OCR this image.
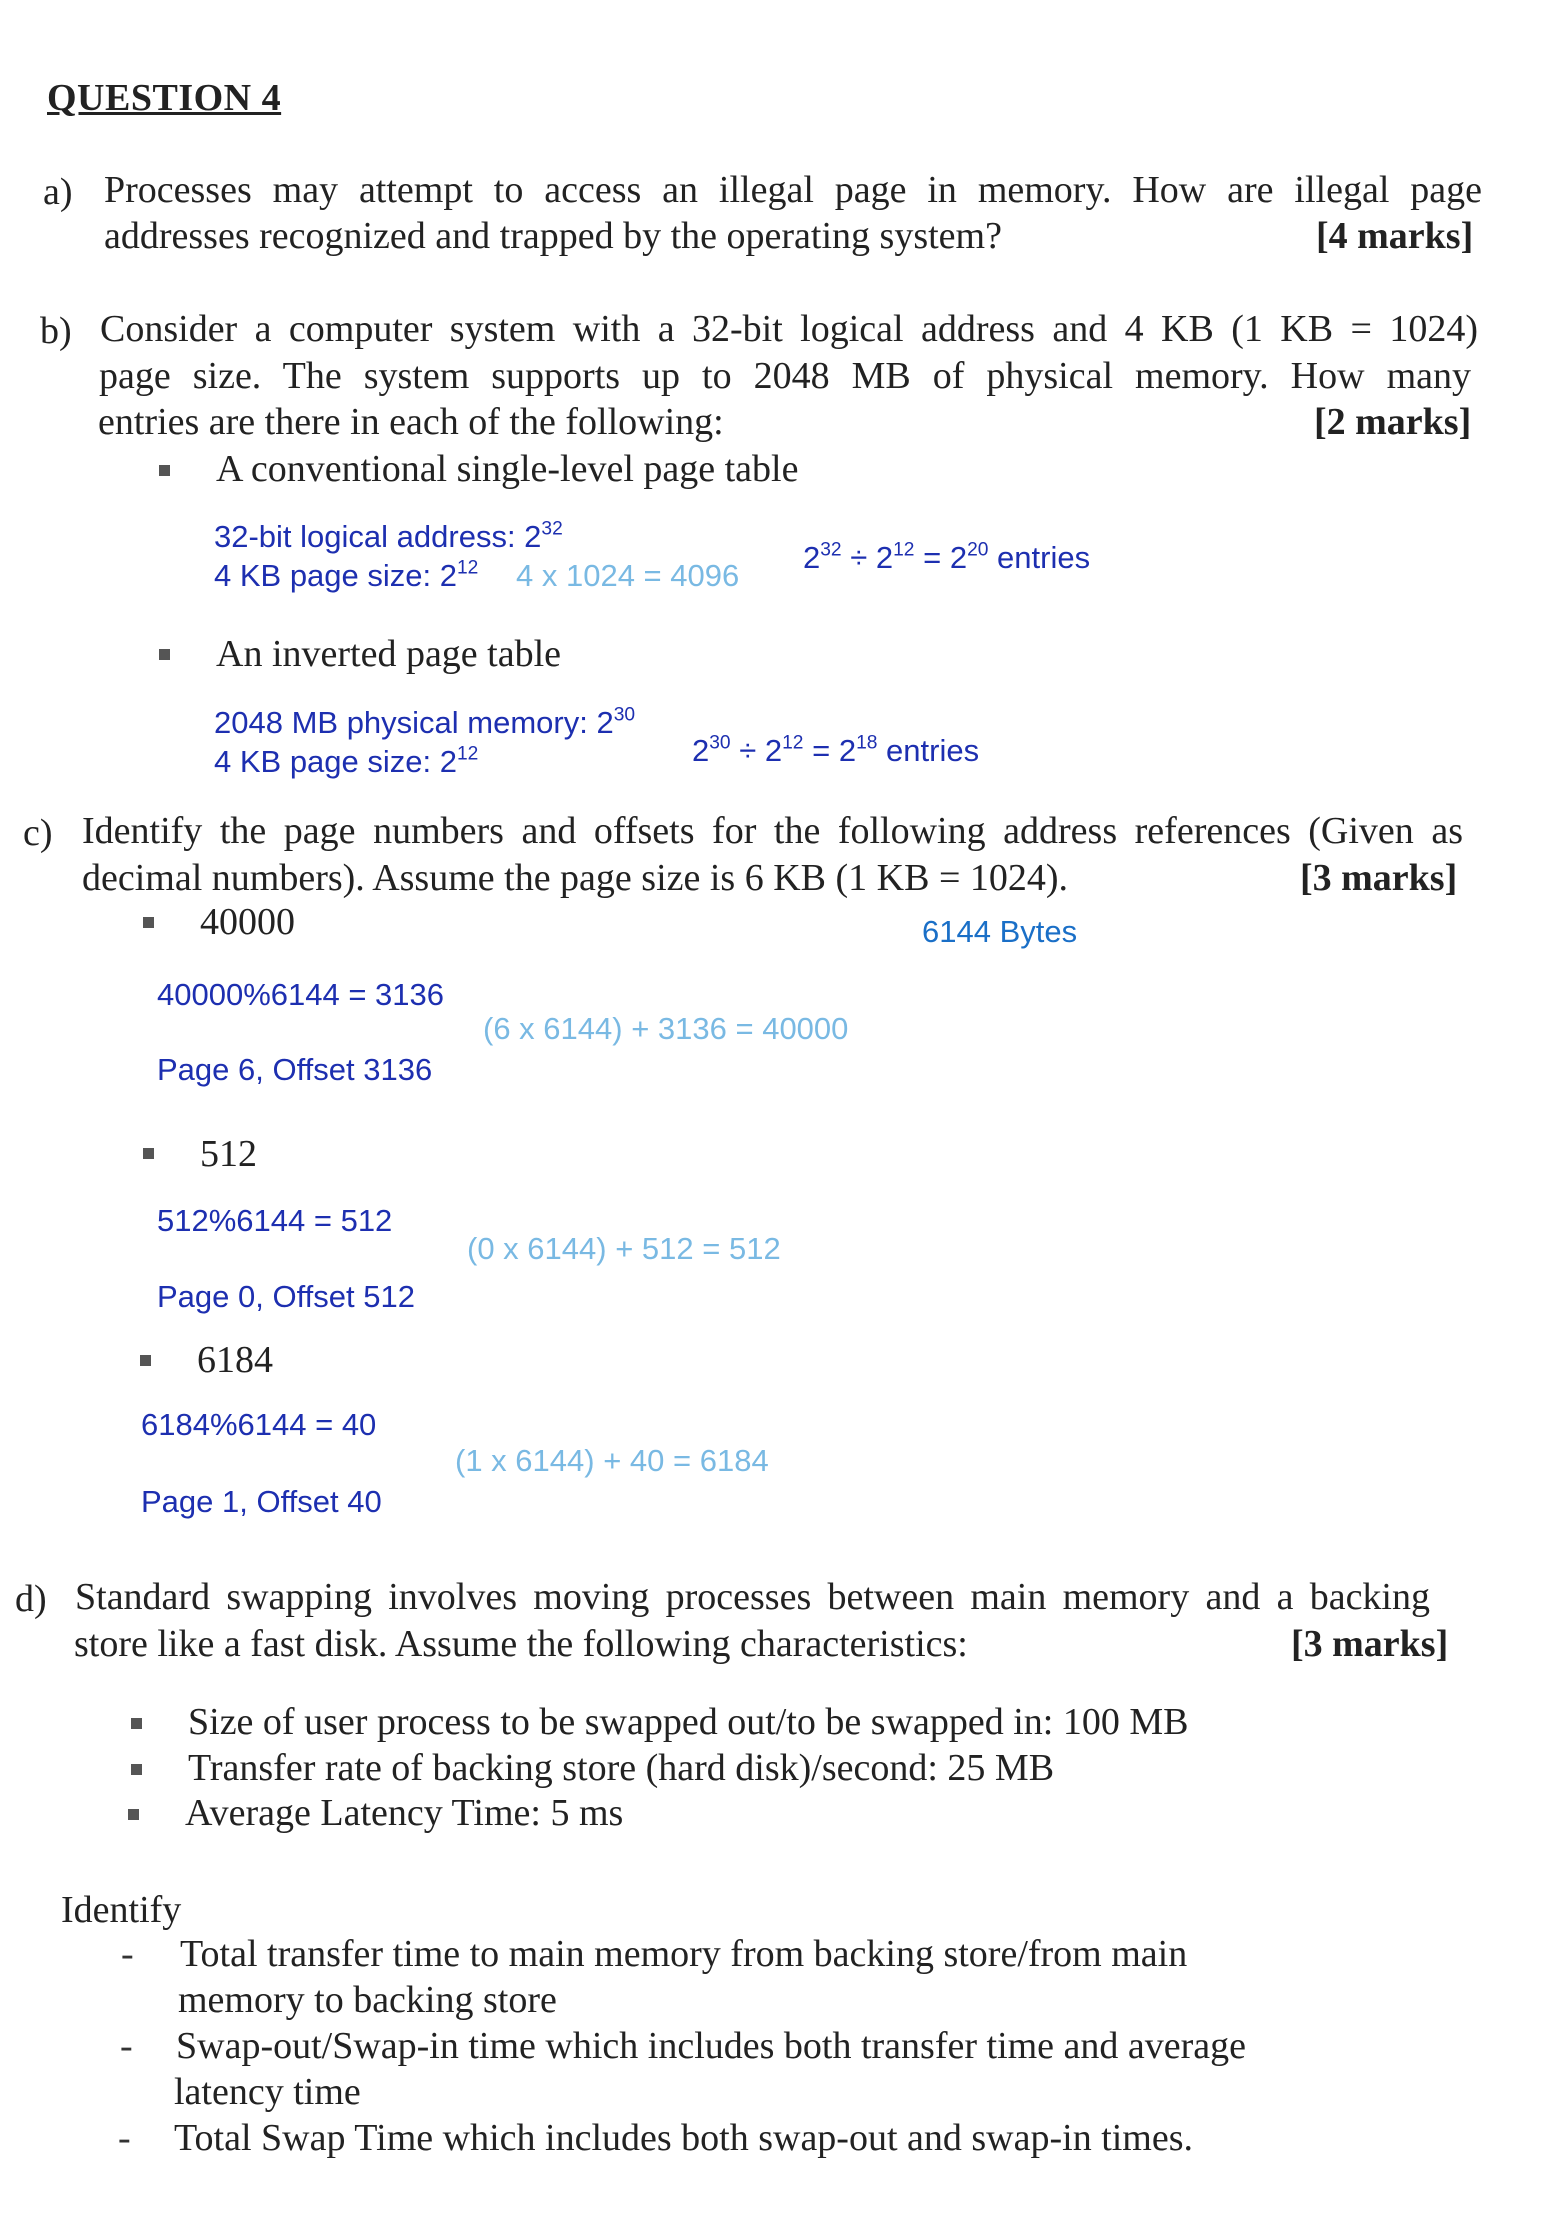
QUESTION 4
a) Processes may attempt to access an illegal page in memory. How are illegal page
addresses recognized and trapped by the operating system?	[4 marks]
b) Consider a computer system with a 32-bit logical address and 4 KB (1 KB = 1024)
page size. The system supports up to 2048 MB of physical memory. How many
entries are there in each of the following:	[2 marks]
A conventional single-level page table
32-bit logical address: $2^{32}$
4 KB page size: $2^{12}$ 4 x 1024 = 4096
$2^{32} \div 2^{12} = 2^{20}$ entries
An inverted page table
2048 MB physical memory: $2^{30}$
4 KB page size: $2^{12}$	$2^{30} \div 2^{12} = 2^{18}$ entries
c) Identify the page numbers and offsets for the following address references (Given as
decimal numbers). Assume the page size is 6 KB (1 KB = 1024).	[3 marks]
40000	6144 Bytes
40000%6144 = 3136
(6 x 6144) + 3136 = 40000
Page 6, Offset 3136
512
512%6144 = 512
(0 x 6144) + 512 = 512
Page 0, Offset 512
6184
6184%6144 = 40
(1 x 6144) + 40 = 6184
Page 1, Offset 40
d) Standard swapping involves moving processes between main memory and a backing
store like a fast disk. Assume the following characteristics:	[3 marks]
Size of user process to be swapped out/to be swapped in: 100 MB
Transfer rate of backing store (hard disk)/second: 25 MB
Average Latency Time: 5 ms
Identify
- Total transfer time to main memory from backing store/from main
memory to backing store
- Swap-out/Swap-in time which includes both transfer time and average
latency time
- Total Swap Time which includes both swap-out and swap-in times.
